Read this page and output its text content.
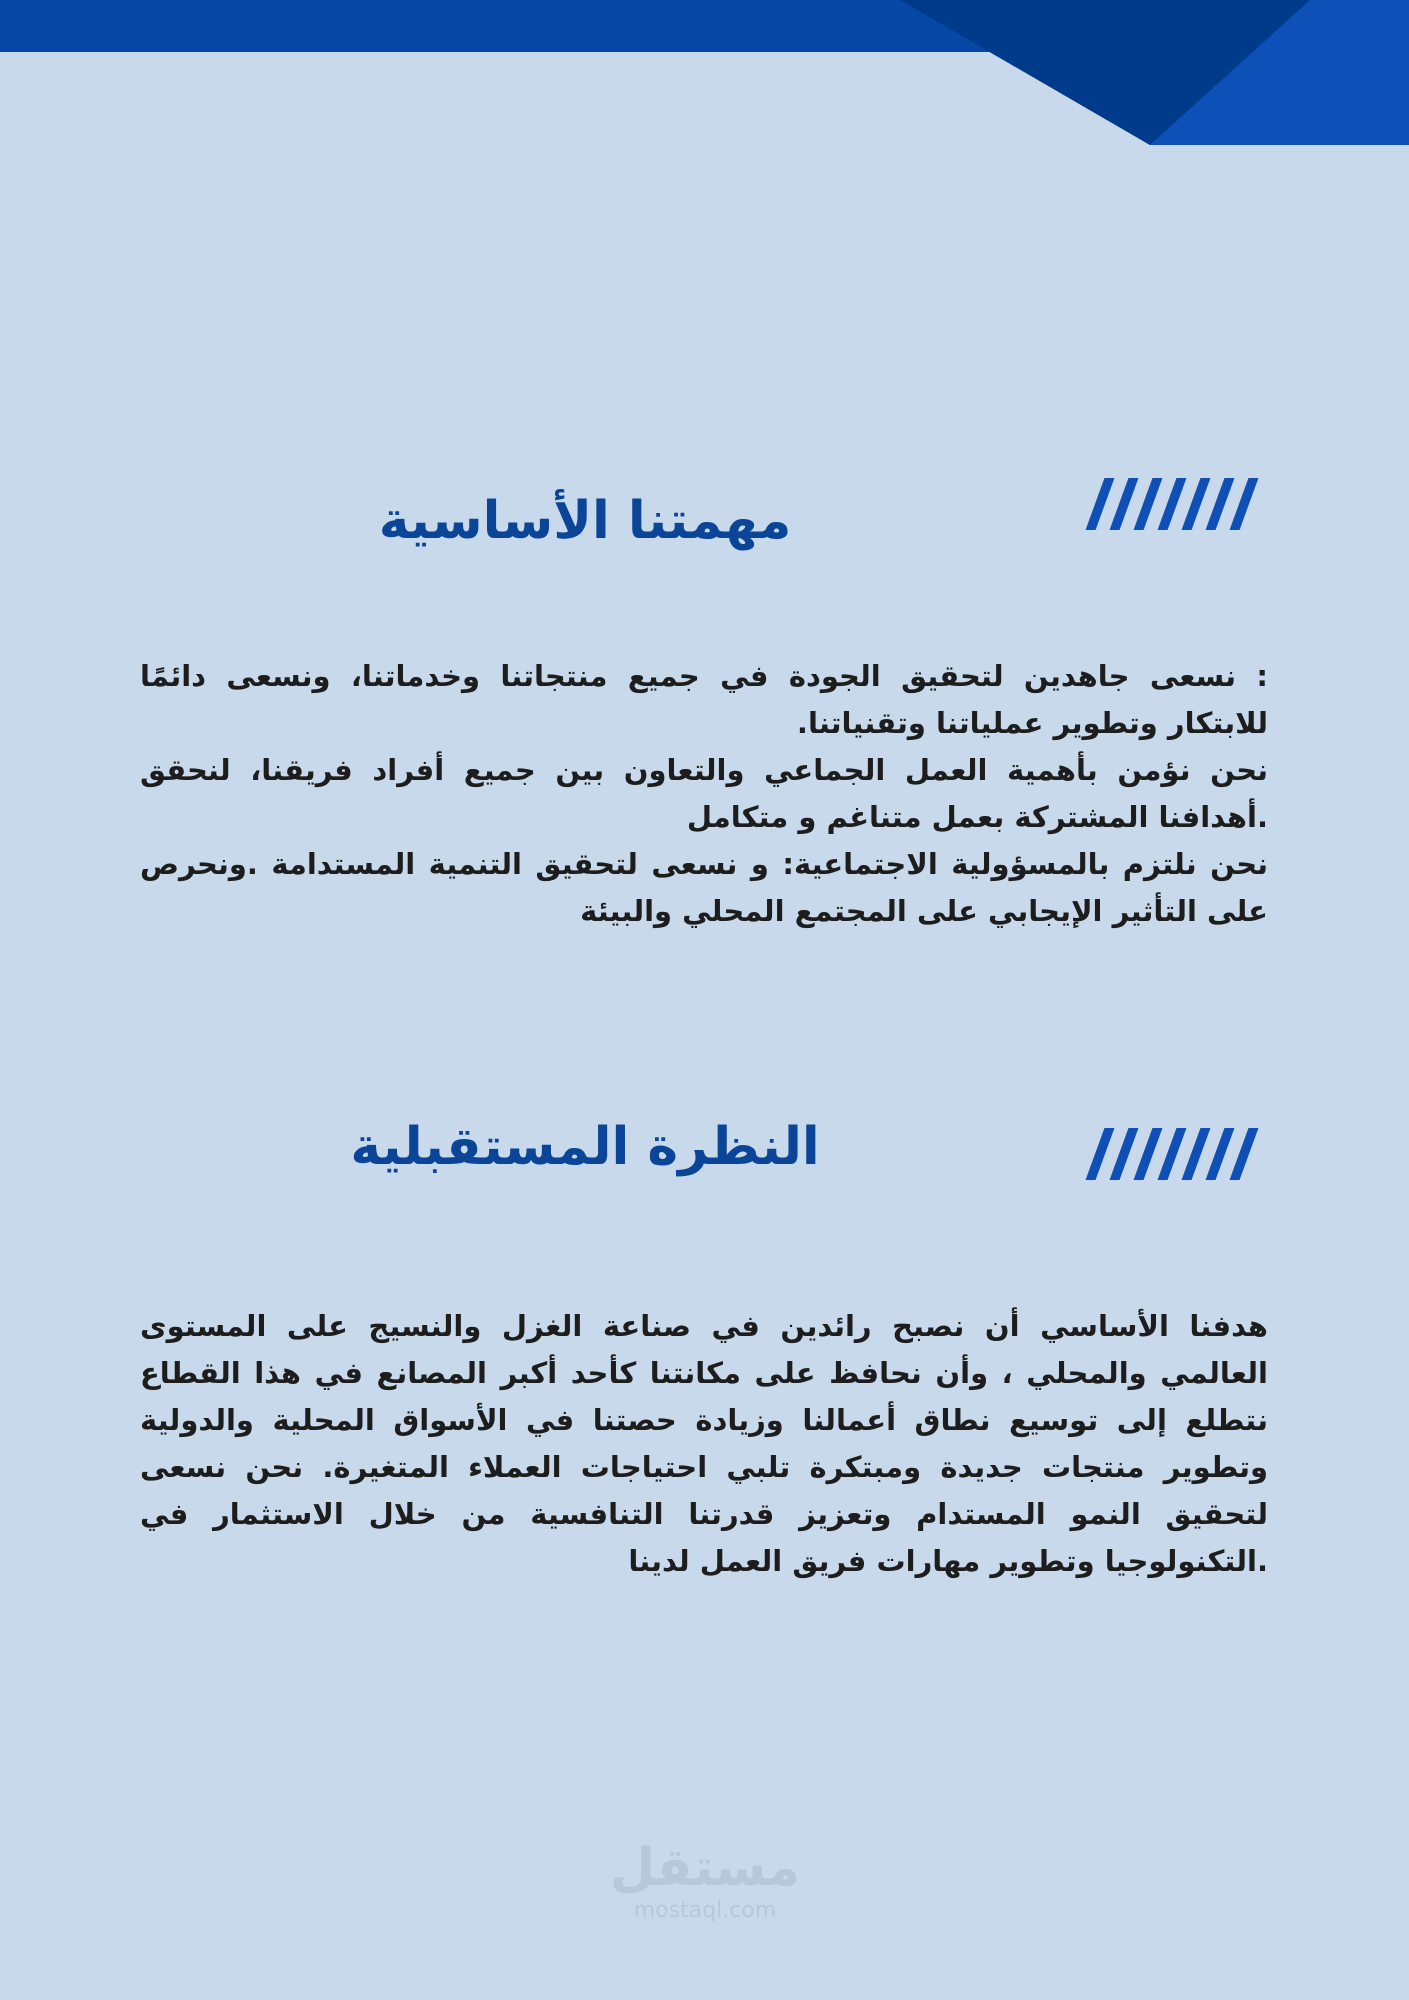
مهمتنا الأساسية

: نسعى جاهدين لتحقيق الجودة في جميع منتجاتنا وخدماتنا، ونسعى دائمًا للابتكار وتطوير عملياتنا وتقنياتنا.

نحن نؤمن بأهمية العمل الجماعي والتعاون بين جميع أفراد فريقنا، لنحقق .أهدافنا المشتركة بعمل متناغم و متكامل

نحن نلتزم بالمسؤولية الاجتماعية: و نسعى لتحقيق التنمية المستدامة .ونحرص على التأثير الإيجابي على المجتمع المحلي والبيئة

النظرة المستقبلية

هدفنا الأساسي أن نصبح رائدين في صناعة الغزل والنسيج على المستوى العالمي والمحلي ، وأن نحافظ على مكانتنا كأحد أكبر المصانع في هذا القطاع نتطلع إلى توسيع نطاق أعمالنا وزيادة حصتنا في الأسواق المحلية والدولية وتطوير منتجات جديدة ومبتكرة تلبي احتياجات العملاء المتغيرة. نحن نسعى لتحقيق النمو المستدام وتعزيز قدرتنا التنافسية من خلال الاستثمار في .التكنولوجيا وتطوير مهارات فريق العمل لدينا

مستقل
mostaql.com
